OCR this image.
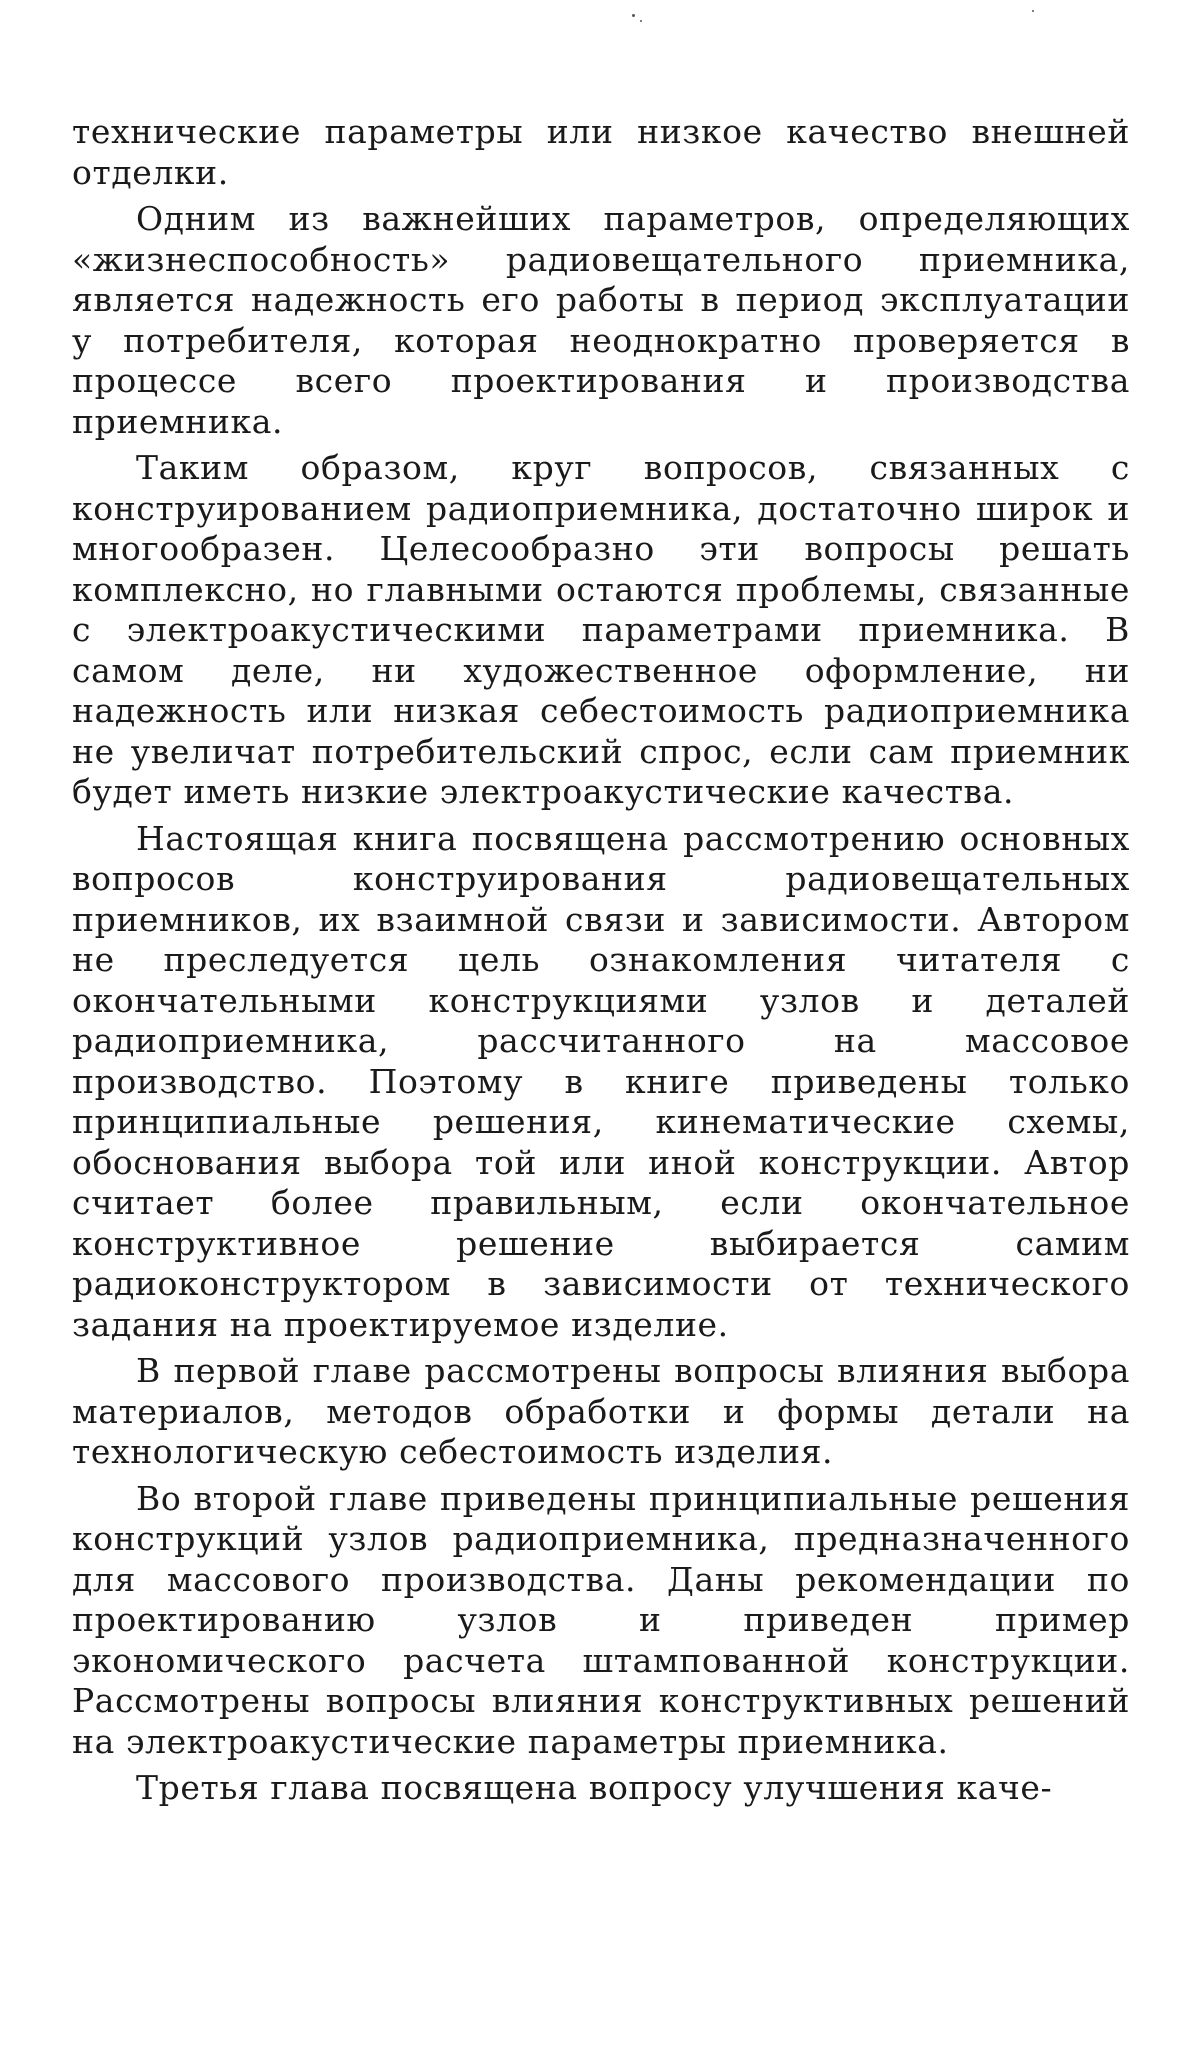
технические параметры или низкое качество внешней отделки.

Одним из важнейших параметров, определяющих «жизнеспособность» радиовещательного приемника, является надежность его работы в период эксплуатации у потребителя, которая неоднократно проверяется в процессе всего проектирования и производства приемника.

Таким образом, круг вопросов, связанных с конструированием радиоприемника, достаточно широк и многообразен. Целесообразно эти вопросы решать комплексно, но главными остаются проблемы, связанные с электроакустическими параметрами приемника. В самом деле, ни художественное оформление, ни надежность или низкая себестоимость радиоприемника не увеличат потребительский спрос, если сам приемник будет иметь низкие электроакустические качества.

Настоящая книга посвящена рассмотрению основных вопросов конструирования радиовещательных приемников, их взаимной связи и зависимости. Автором не преследуется цель ознакомления читателя с окончательными конструкциями узлов и деталей радиоприемника, рассчитанного на массовое производство. Поэтому в книге приведены только принципиальные решения, кинематические схемы, обоснования выбора той или иной конструкции. Автор считает более правильным, если окончательное конструктивное решение выбирается самим радиоконструктором в зависимости от технического задания на проектируемое изделие.

В первой главе рассмотрены вопросы влияния выбора материалов, методов обработки и формы детали на технологическую себестоимость изделия.

Во второй главе приведены принципиальные решения конструкций узлов радиоприемника, предназначенного для массового производства. Даны рекомендации по проектированию узлов и приведен пример экономического расчета штампованной конструкции. Рассмотрены вопросы влияния конструктивных решений на электроакустические параметры приемника.

Третья глава посвящена вопросу улучшения каче-
